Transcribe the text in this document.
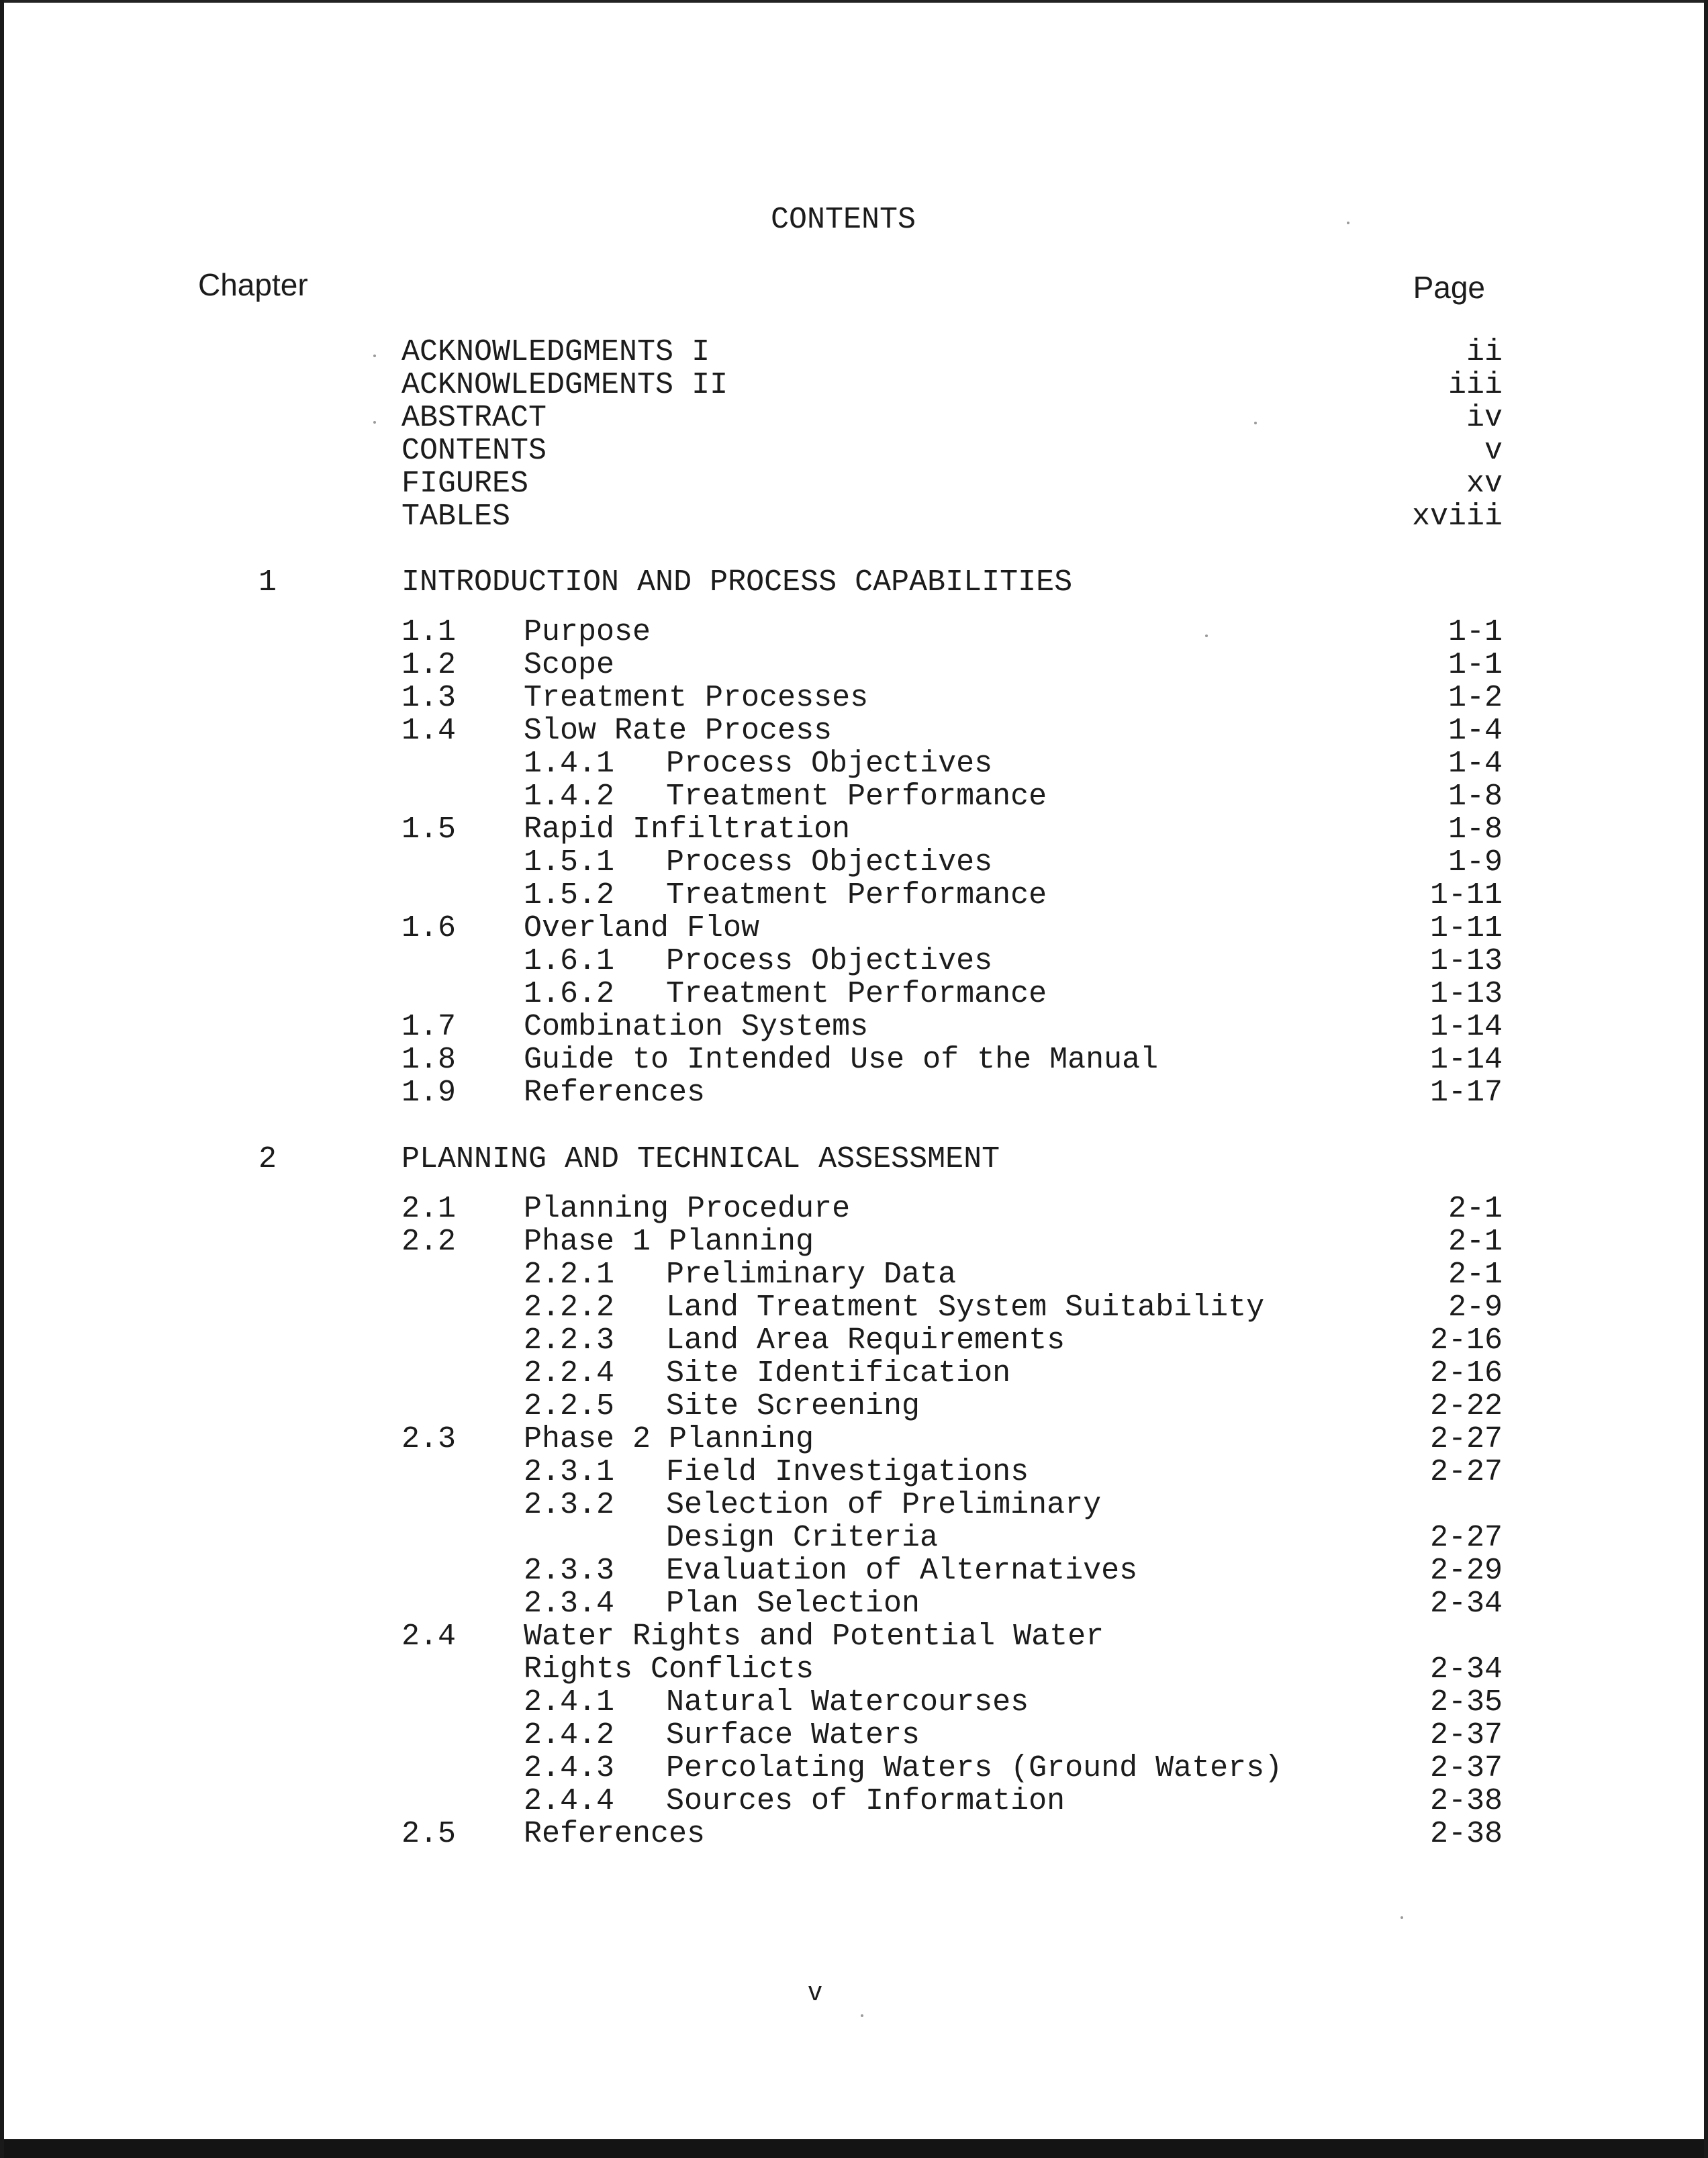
CONTENTS
Chapter	Page
ACKNOWLEDGMENTS I	ii
ACKNOWLEDGMENTS II	iii
ABSTRACT	iv
CONTENTS	v
FIGURES	xv
TABLES	xviii
1	INTRODUCTION AND PROCESS CAPABILITIES
1.1 Purpose	1-1
1.2 Scope	1-1
1.3 Treatment Processes	1-2
1.4 Slow Rate Process	1-4
1.4.1 Process Objectives	1-4
1.4.2 Treatment Performance	1-8
1.5 Rapid Infiltration	1-8
1.5.1 Process Objectives	1-9
1.5.2 Treatment Performance	1-11
1.6 Overland Flow	1-11
1.6.1 Process Objectives	1-13
1.6.2 Treatment Performance	1-13
1.7 Combination Systems	1-14
1.8 Guide to Intended Use of the Manual	1-14
1.9 References	1-17
2	PLANNING AND TECHNICAL ASSESSMENT
2.1 Planning Procedure	2-1
2.2 Phase 1 Planning	2-1
2.2.1 Preliminary Data	2-1
2.2.2 Land Treatment System Suitability	2-9
2.2.3 Land Area Requirements	2-16
2.2.4 Site Identification	2-16
2.2.5 Site Screening	2-22
2.3 Phase 2 Planning	2-27
2.3.1 Field Investigations	2-27
2.3.2 Selection of Preliminary
Design Criteria	2-27
2.3.3 Evaluation of Alternatives	2-29
2.3.4 Plan Selection	2-34
2.4 Water Rights and Potential Water
Rights Conflicts	2-34
2.4.1 Natural Watercourses	2-35
2.4.2 Surface Waters	2-37
2.4.3 Percolating Waters (Ground Waters)	2-37
2.4.4 Sources of Information	2-38
2.5 References	2-38
v
